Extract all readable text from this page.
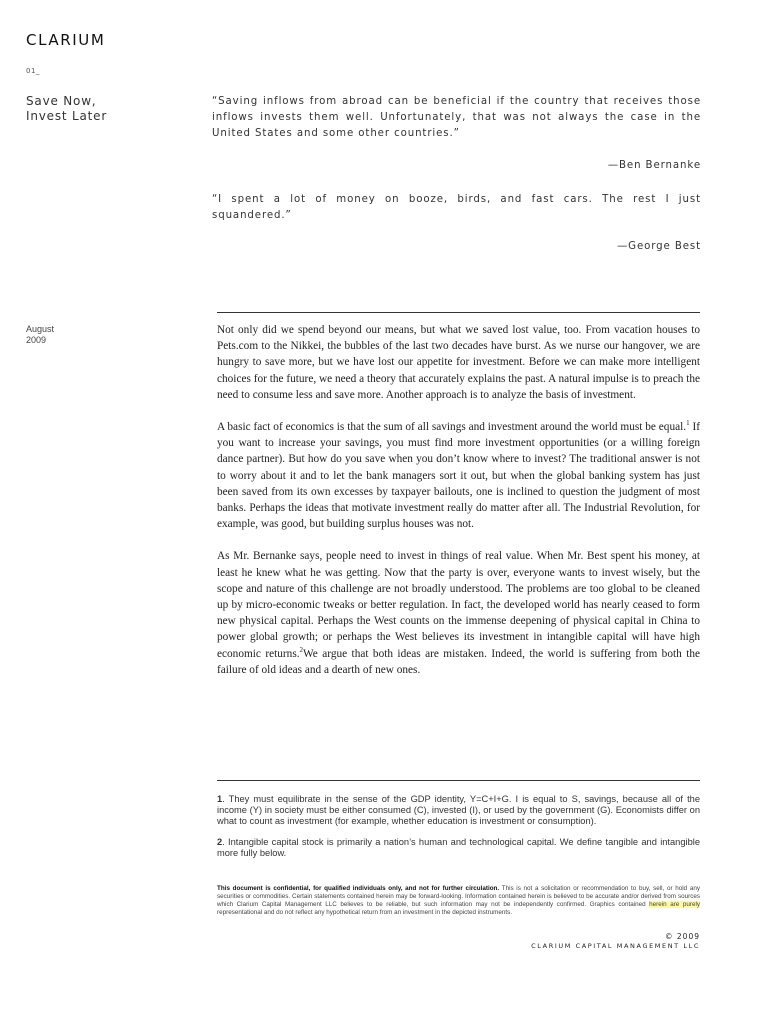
CLARIUM
01_
Save Now,
Invest Later
“Saving inflows from abroad can be beneficial if the country that receives those inflows invests them well. Unfortunately, that was not always the case in the United States and some other countries.”
—Ben Bernanke
“I spent a lot of money on booze, birds, and fast cars. The rest I just squandered.”
—George Best
August
2009

Not only did we spend beyond our means, but what we saved lost value, too. From vacation houses to Pets.com to the Nikkei, the bubbles of the last two decades have burst. As we nurse our hangover, we are hungry to save more, but we have lost our appetite for investment. Before we can make more intelligent choices for the future, we need a theory that accurately explains the past. A natural impulse is to preach the need to consume less and save more. Another approach is to analyze the basis of investment.

A basic fact of economics is that the sum of all savings and investment around the world must be equal.$^1$ If you want to increase your savings, you must find more investment opportunities (or a willing foreign dance partner). But how do you save when you don’t know where to invest? The traditional answer is not to worry about it and to let the bank managers sort it out, but when the global banking system has just been saved from its own excesses by taxpayer bailouts, one is inclined to question the judgment of most banks. Perhaps the ideas that motivate investment really do matter after all. The Industrial Revolution, for example, was good, but building surplus houses was not.

As Mr. Bernanke says, people need to invest in things of real value. When Mr. Best spent his money, at least he knew what he was getting. Now that the party is over, everyone wants to invest wisely, but the scope and nature of this challenge are not broadly understood. The problems are too global to be cleaned up by micro-economic tweaks or better regulation. In fact, the developed world has nearly ceased to form new physical capital. Perhaps the West counts on the immense deepening of physical capital in China to power global growth; or perhaps the West believes its investment in intangible capital will have high economic returns.$^2$We argue that both ideas are mistaken. Indeed, the world is suffering from both the failure of old ideas and a dearth of new ones.

1. They must equilibrate in the sense of the GDP identity, Y=C+I+G. I is equal to S, savings, because all of the income (Y) in society must be either consumed (C), invested (I), or used by the government (G). Economists differ on what to count as investment (for example, whether education is investment or consumption).

2. Intangible capital stock is primarily a nation’s human and technological capital. We define tangible and intangible more fully below.

This document is confidential, for qualified individuals only, and not for further circulation. This is not a solicitation or recommendation to buy, sell, or hold any securities or commodities. Certain statements contained herein may be forward-looking. Information contained herein is believed to be accurate and/or derived from sources which Clarium Capital Management LLC believes to be reliable, but such information may not be independently confirmed. Graphics contained herein are purely representational and do not reflect any hypothetical return from an investment in the depicted instruments.
© 2009
CLARIUM CAPITAL MANAGEMENT LLC
